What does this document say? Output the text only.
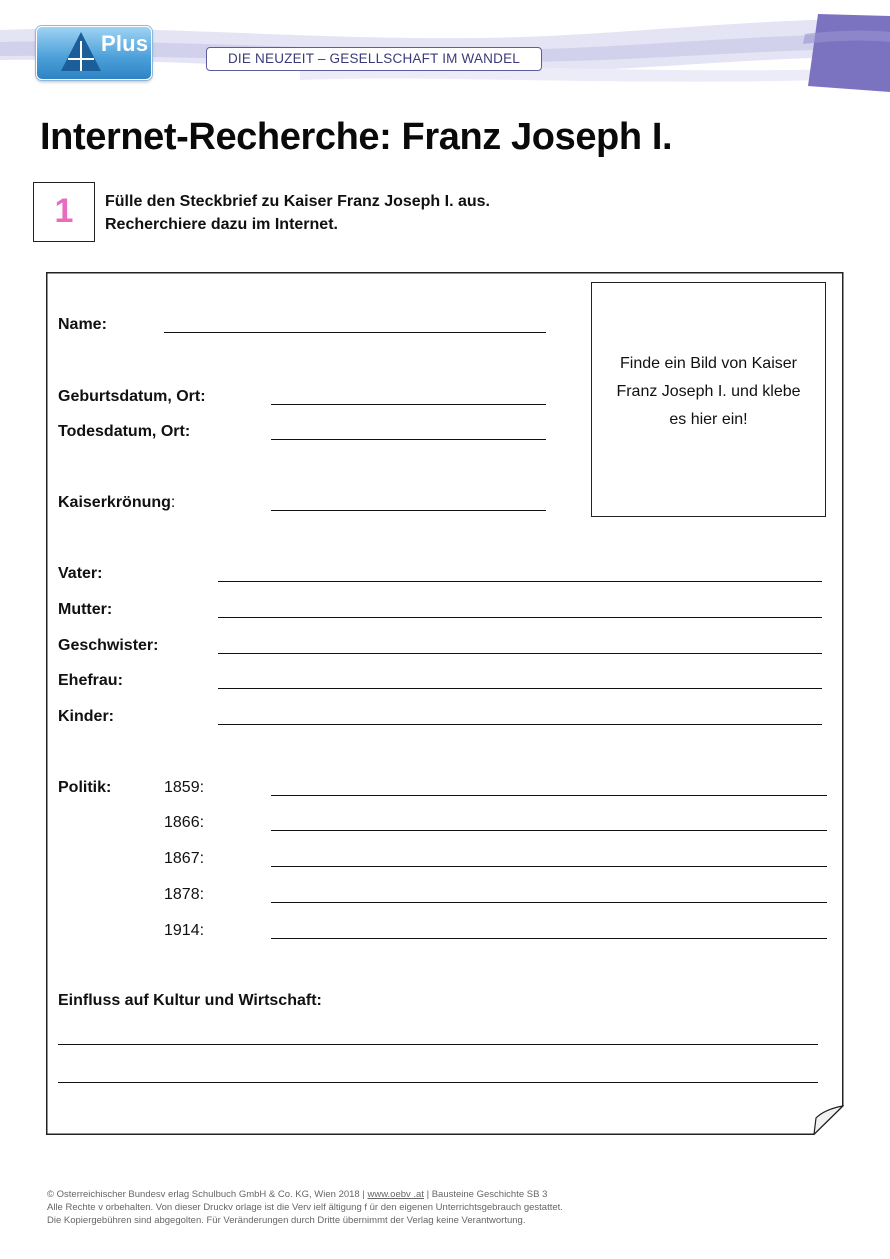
Plus
DIE NEUZEIT – GESELLSCHAFT IM WANDEL
Internet-Recherche: Franz Joseph I.
1	Fülle den Steckbrief zu Kaiser Franz Joseph I. aus.
Recherchiere dazu im Internet.
Finde ein Bild von Kaiser
Franz Joseph I. und klebe
es hier ein!
Name:
Geburtsdatum, Ort:
Todesdatum, Ort:
Kaiserkrönung:
Vater:
Mutter:
Geschwister:
Ehefrau:
Kinder:
Politik:	1859:
1866:
1867:
1878:
1914:
Einfluss auf Kultur und Wirtschaft:
© Osterreichischer Bundesv erlag Schulbuch GmbH & Co. KG, Wien 2018 | www.oebv .at | Bausteine Geschichte SB 3
Alle Rechte v orbehalten. Von dieser Druckv orlage ist die Verv ielf ältigung f ür den eigenen Unterrichtsgebrauch gestattet.
Die Kopiergebühren sind abgegolten. Für Veränderungen durch Dritte übernimmt der Verlag keine Verantwortung.
